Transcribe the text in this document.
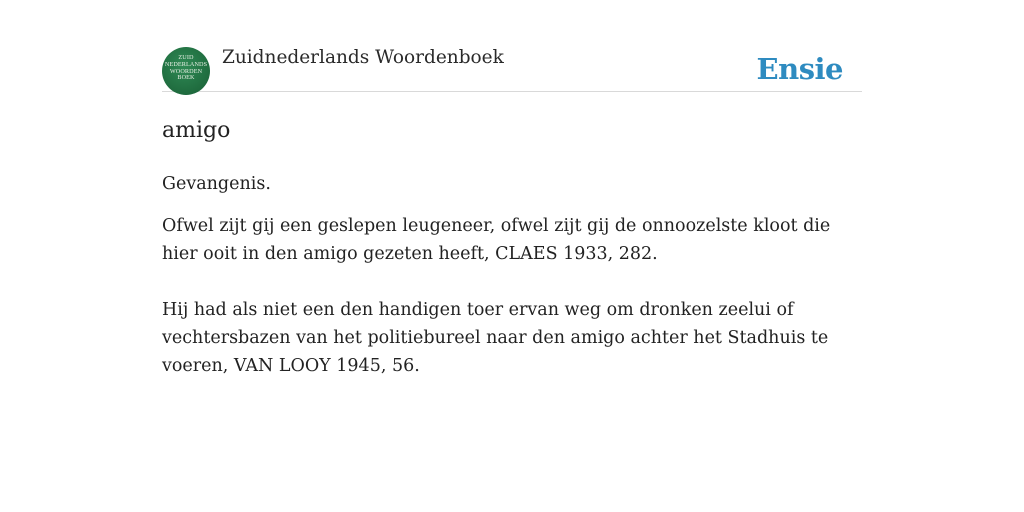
ZUID
NEDERLANDS
WOORDEN
BOEK
Zuidnederlands Woordenboek	Ensie
amigo

Gevangenis.

Ofwel zijt gij een geslepen leugeneer, ofwel zijt gij de onnoozelste kloot die hier ooit in den amigo gezeten heeft, CLAES 1933, 282.

Hij had als niet een den handigen toer ervan weg om dronken zeelui of vechtersbazen van het politiebureel naar den amigo achter het Stadhuis te voeren, VAN LOOY 1945, 56.
